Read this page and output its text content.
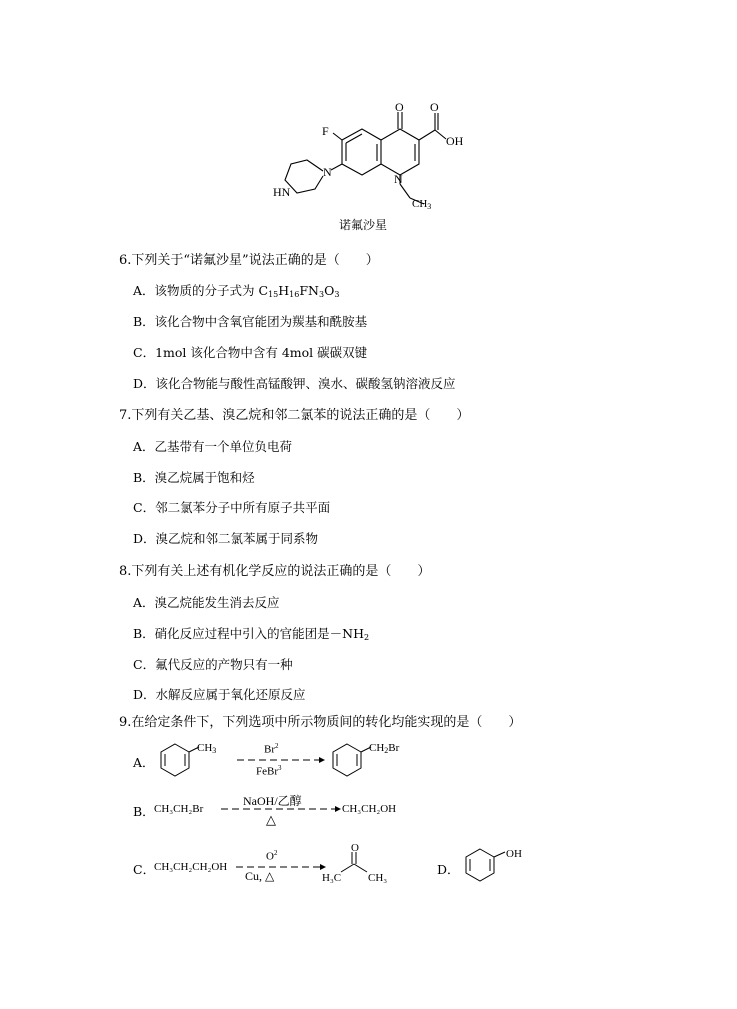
O O
OH
F
N
HN
N
$CH_3$
诺氟沙星
6.下列关于“诺氟沙星”说法正确的是（　　）
A．该物质的分子式为 $C_{15}H_{16}FN_3O_3$
B．该化合物中含氧官能团为羰基和酰胺基
C．1mol 该化合物中含有 4mol 碳碳双键
D．该化合物能与酸性高锰酸钾、溴水、碳酸氢钠溶液反应
7.下列有关乙基、溴乙烷和邻二氯苯的说法正确的是（　　）
A．乙基带有一个单位负电荷
B．溴乙烷属于饱和烃
C．邻二氯苯分子中所有原子共平面
D．溴乙烷和邻二氯苯属于同系物
8.下列有关上述有机化学反应的说法正确的是（　　）
A．溴乙烷能发生消去反应
B．硝化反应过程中引入的官能团是$-NH_2$
C．氟代反应的产物只有一种
D．水解反应属于氧化还原反应
9.在给定条件下，下列选项中所示物质间的转化均能实现的是（　　）
A．
$CH_3$	Br$^2$
FeBr$^3$
$CH_2Br$
B． CH₃CH₂Br
NaOH/乙醇
△
CH₃CH₂OH
C．
CH₃CH₂CH₂OH
$O^2$
Cu, △
O
H₃C CH₃
D．
OH
